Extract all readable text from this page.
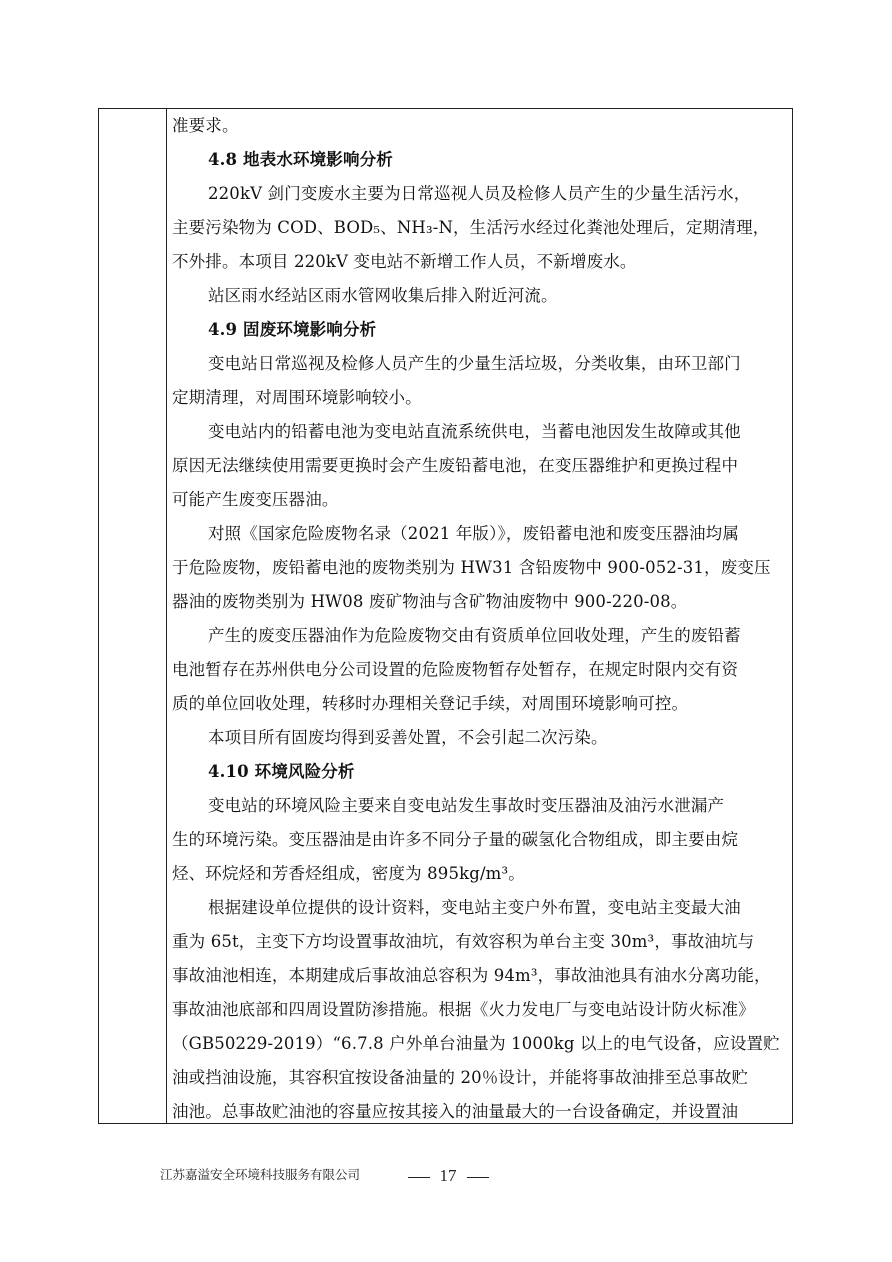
准要求。
4.8 地表水环境影响分析
220kV 剑门变废水主要为日常巡视人员及检修人员产生的少量生活污水，
主要污染物为 COD、BOD₅、NH₃-N，生活污水经过化粪池处理后，定期清理，
不外排。本项目 220kV 变电站不新增工作人员，不新增废水。
站区雨水经站区雨水管网收集后排入附近河流。
4.9 固废环境影响分析
变电站日常巡视及检修人员产生的少量生活垃圾，分类收集，由环卫部门
定期清理，对周围环境影响较小。
变电站内的铅蓄电池为变电站直流系统供电，当蓄电池因发生故障或其他
原因无法继续使用需要更换时会产生废铅蓄电池，在变压器维护和更换过程中
可能产生废变压器油。
对照《国家危险废物名录（2021 年版）》，废铅蓄电池和废变压器油均属
于危险废物，废铅蓄电池的废物类别为 HW31 含铅废物中 900-052-31，废变压
器油的废物类别为 HW08 废矿物油与含矿物油废物中 900-220-08。
产生的废变压器油作为危险废物交由有资质单位回收处理，产生的废铅蓄
电池暂存在苏州供电分公司设置的危险废物暂存处暂存，在规定时限内交有资
质的单位回收处理，转移时办理相关登记手续，对周围环境影响可控。
本项目所有固废均得到妥善处置，不会引起二次污染。
4.10 环境风险分析
变电站的环境风险主要来自变电站发生事故时变压器油及油污水泄漏产
生的环境污染。变压器油是由许多不同分子量的碳氢化合物组成，即主要由烷
烃、环烷烃和芳香烃组成，密度为 895kg/m³。
根据建设单位提供的设计资料，变电站主变户外布置，变电站主变最大油
重为 65t，主变下方均设置事故油坑，有效容积为单台主变 30m³，事故油坑与
事故油池相连，本期建成后事故油总容积为 94m³，事故油池具有油水分离功能，
事故油池底部和四周设置防渗措施。根据《火力发电厂与变电站设计防火标准》
（GB50229-2019）“6.7.8 户外单台油量为 1000kg 以上的电气设备，应设置贮
油或挡油设施，其容积宜按设备油量的 20％设计，并能将事故油排至总事故贮
油池。总事故贮油池的容量应按其接入的油量最大的一台设备确定，并设置油
江苏嘉溢安全环境科技服务有限公司	17
